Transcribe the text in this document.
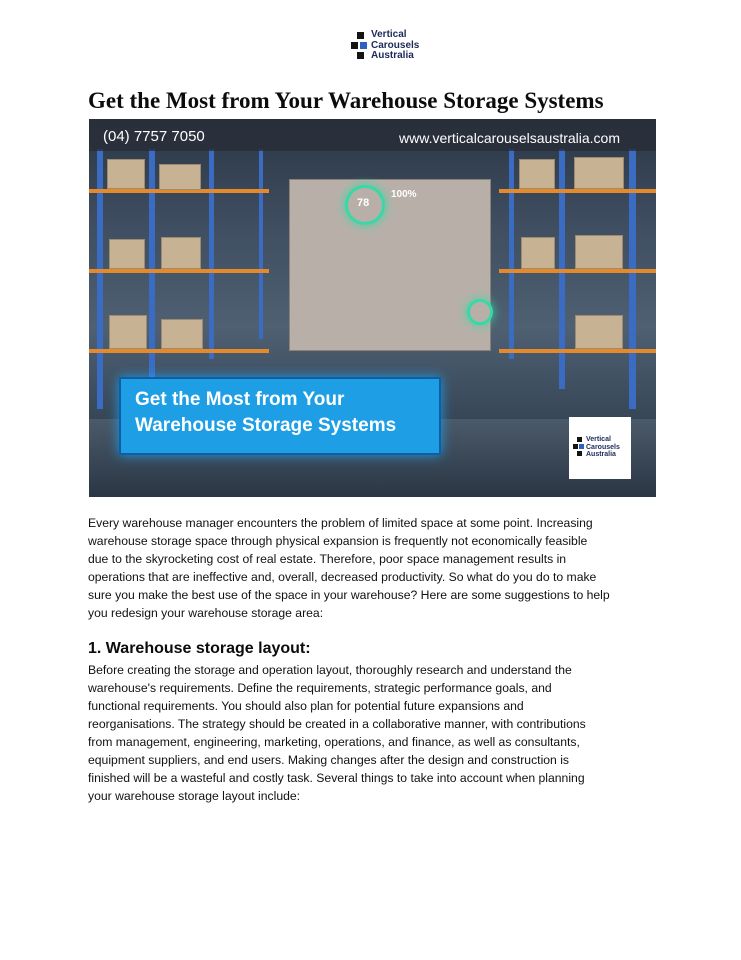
Vertical
Carousels
Australia
Get the Most from Your Warehouse Storage Systems
78
100%
(04) 7757 7050	www.verticalcarouselsaustralia.com
Get the Most from Your
Warehouse Storage Systems
Vertical
Carousels
Australia
Every warehouse manager encounters the problem of limited space at some point. Increasing
warehouse storage space through physical expansion is frequently not economically feasible
due to the skyrocketing cost of real estate. Therefore, poor space management results in
operations that are ineffective and, overall, decreased productivity. So what do you do to make
sure you make the best use of the space in your warehouse? Here are some suggestions to help
you redesign your warehouse storage area:
1. Warehouse storage layout:
Before creating the storage and operation layout, thoroughly research and understand the
warehouse's requirements. Define the requirements, strategic performance goals, and
functional requirements. You should also plan for potential future expansions and
reorganisations. The strategy should be created in a collaborative manner, with contributions
from management, engineering, marketing, operations, and finance, as well as consultants,
equipment suppliers, and end users. Making changes after the design and construction is
finished will be a wasteful and costly task. Several things to take into account when planning
your warehouse storage layout include:
